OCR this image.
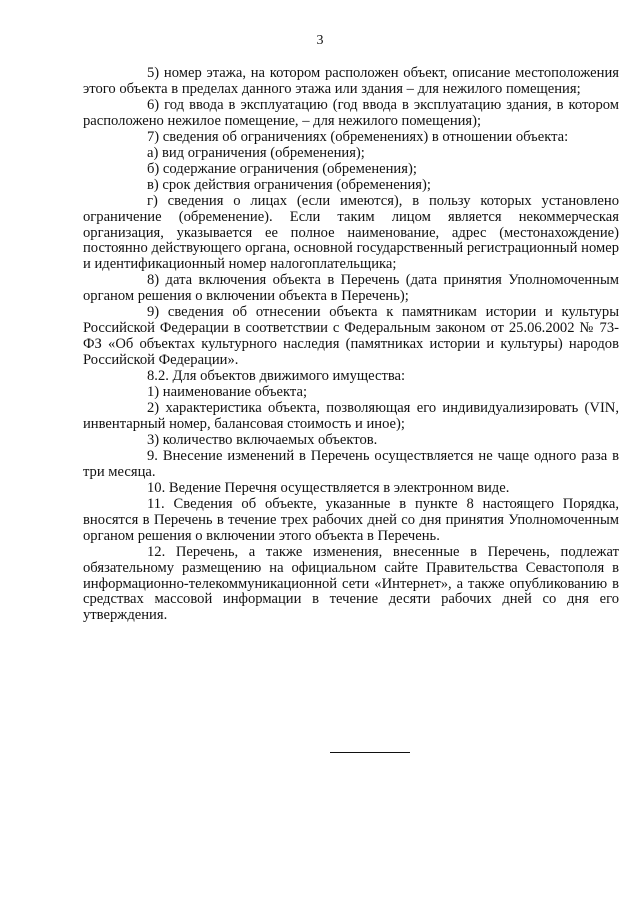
3

5) номер этажа, на котором расположен объект, описание местоположения этого объекта в пределах данного этажа или здания – для нежилого помещения;

6) год ввода в эксплуатацию (год ввода в эксплуатацию здания, в котором расположено нежилое помещение, – для нежилого помещения);

7) сведения об ограничениях (обременениях) в отношении объекта:

а) вид ограничения (обременения);

б) содержание ограничения (обременения);

в) срок действия ограничения (обременения);

г) сведения о лицах (если имеются), в пользу которых установлено ограничение (обременение). Если таким лицом является некоммерческая организация, указывается ее полное наименование, адрес (местонахождение) постоянно действующего органа, основной государственный регистрационный номер и идентификационный номер налогоплательщика;

8) дата включения объекта в Перечень (дата принятия Уполномоченным органом решения о включении объекта в Перечень);

9) сведения об отнесении объекта к памятникам истории и культуры Российской Федерации в соответствии с Федеральным законом от 25.06.2002 № 73-ФЗ «Об объектах культурного наследия (памятниках истории и культуры) народов Российской Федерации».

8.2. Для объектов движимого имущества:

1) наименование объекта;

2) характеристика объекта, позволяющая его индивидуализировать (VIN, инвентарный номер, балансовая стоимость и иное);

3) количество включаемых объектов.

9. Внесение изменений в Перечень осуществляется не чаще одного раза в три месяца.

10. Ведение Перечня осуществляется в электронном виде.

11. Сведения об объекте, указанные в пункте 8 настоящего Порядка, вносятся в Перечень в течение трех рабочих дней со дня принятия Уполномоченным органом решения о включении этого объекта в Перечень.

12. Перечень, а также изменения, внесенные в Перечень, подлежат обязательному размещению на официальном сайте Правительства Севастополя в информационно-телекоммуникационной сети «Интернет», а также опубликованию в средствах массовой информации в течение десяти рабочих дней со дня его утверждения.
